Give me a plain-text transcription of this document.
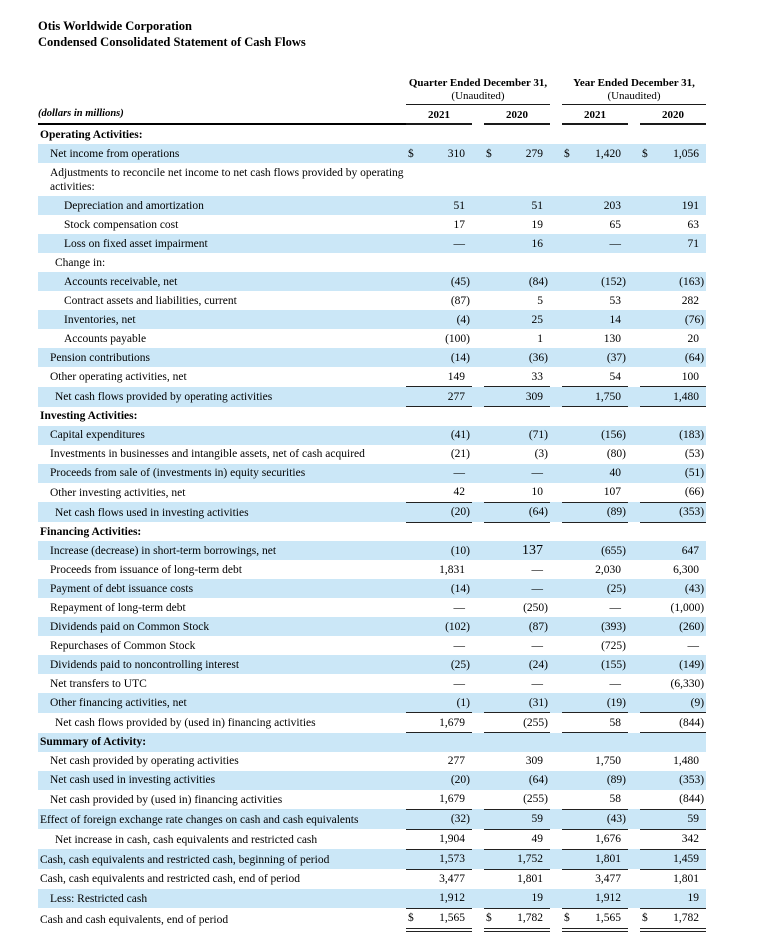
Otis Worldwide Corporation
Condensed Consolidated Statement of Cash Flows

Quarter Ended December 31,
(Unaudited)

Year Ended December 31,
(Unaudited)

(dollars in millions)	2021			2020			2021			2020	
Operating Activities:											
Net income from operations	$	310		$	279		$	1,420		$	1,056
Adjustments to reconcile net income to net cash flows provided by operating activities:											
Depreciation and amortization		51			51			203			191
Stock compensation cost		17			19			65			63
Loss on fixed asset impairment		—			16			—			71
Change in:											
Accounts receivable, net		(45)			(84)			(152)			(163)
Contract assets and liabilities, current		(87)			5			53			282
Inventories, net		(4)			25			14			(76)
Accounts payable		(100)			1			130			20
Pension contributions		(14)			(36)			(37)			(64)
Other operating activities, net		149			33			54			100
Net cash flows provided by operating activities		277			309			1,750			1,480
Investing Activities:											
Capital expenditures		(41)			(71)			(156)			(183)
Investments in businesses and intangible assets, net of cash acquired		(21)			(3)			(80)			(53)
Proceeds from sale of (investments in) equity securities		—			—			40			(51)
Other investing activities, net		42			10			107			(66)
Net cash flows used in investing activities		(20)			(64)			(89)			(353)
Financing Activities:											
Increase (decrease) in short-term borrowings, net		(10)			137			(655)			647
Proceeds from issuance of long-term debt		1,831			—			2,030			6,300
Payment of debt issuance costs		(14)			—			(25)			(43)
Repayment of long-term debt		—			(250)			—			(1,000)
Dividends paid on Common Stock		(102)			(87)			(393)			(260)
Repurchases of Common Stock		—			—			(725)			—
Dividends paid to noncontrolling interest		(25)			(24)			(155)			(149)
Net transfers to UTC		—			—			—			(6,330)
Other financing activities, net		(1)			(31)			(19)			(9)
Net cash flows provided by (used in) financing activities		1,679			(255)			58			(844)
Summary of Activity:											
Net cash provided by operating activities		277			309			1,750			1,480
Net cash used in investing activities		(20)			(64)			(89)			(353)
Net cash provided by (used in) financing activities		1,679			(255)			58			(844)
Effect of foreign exchange rate changes on cash and cash equivalents		(32)			59			(43)			59
Net increase in cash, cash equivalents and restricted cash		1,904			49			1,676			342
Cash, cash equivalents and restricted cash, beginning of period		1,573			1,752			1,801			1,459
Cash, cash equivalents and restricted cash, end of period		3,477			1,801			3,477			1,801
Less: Restricted cash		1,912			19			1,912			19
Cash and cash equivalents, end of period	$	1,565		$	1,782		$	1,565		$	1,782
